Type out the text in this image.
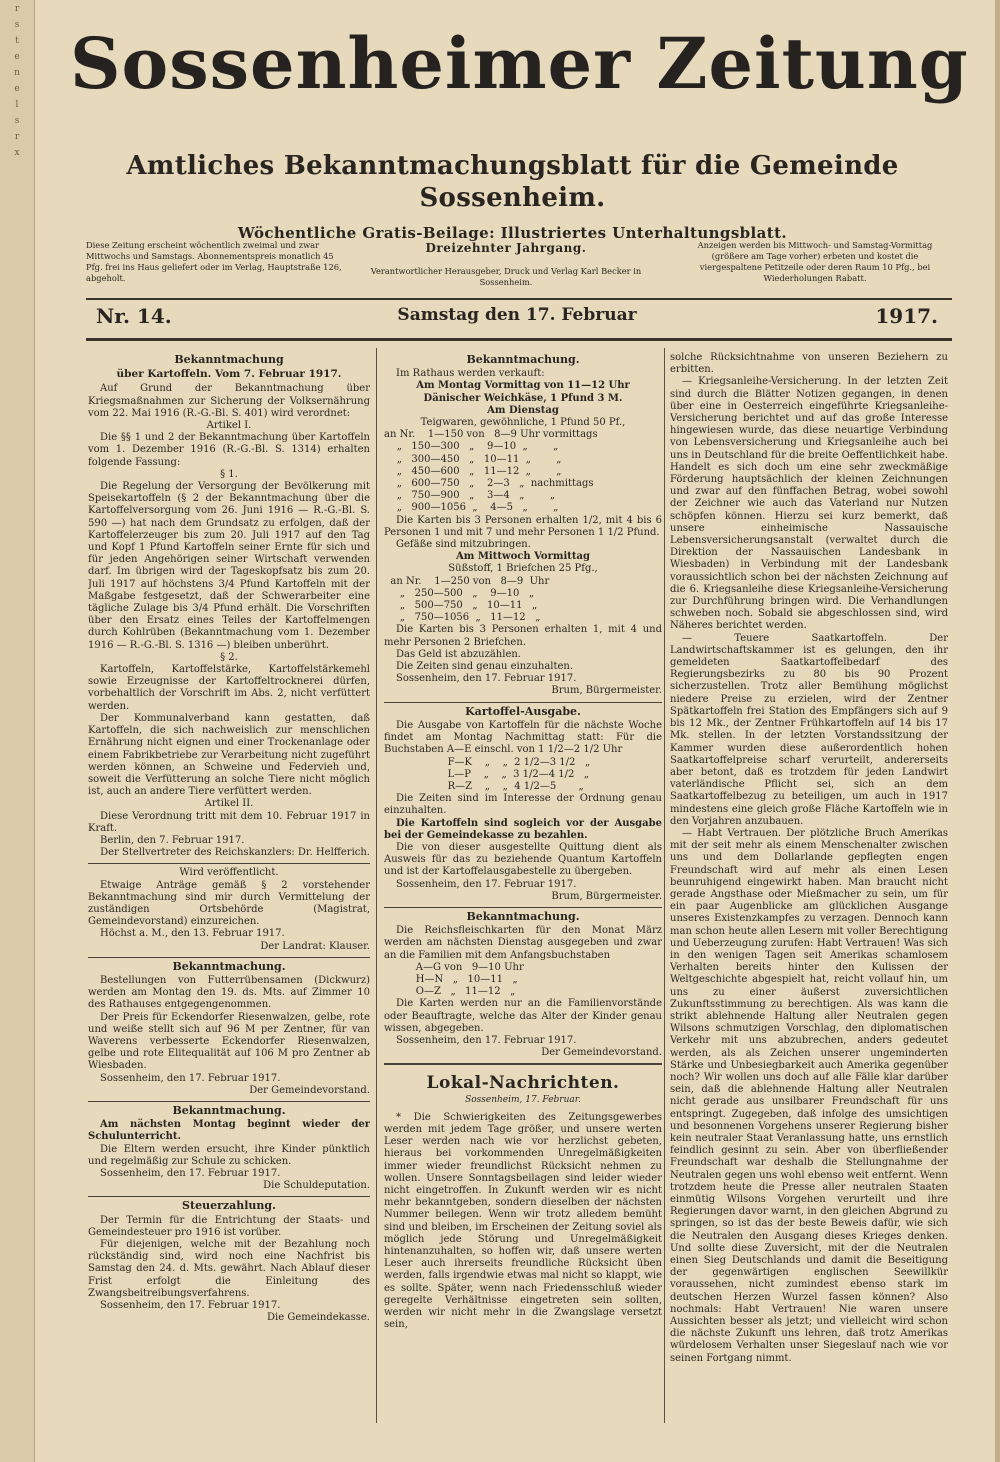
r
s
t
e
n
e
l
s
r
x
Sossenheimer Zeitung
Amtliches Bekanntmachungsblatt für die Gemeinde Sossenheim.
Wöchentliche Gratis-Beilage: Illustriertes Unterhaltungsblatt.
Diese Zeitung erscheint wöchentlich zweimal und zwar Mittwochs und Samstags. Abonnementspreis monatlich 45 Pfg. frei ins Haus geliefert oder im Verlag, Hauptstraße 126, abgeholt.
Dreizehnter Jahrgang.
Verantwortlicher Herausgeber, Druck und Verlag Karl Becker in Sossenheim.
Anzeigen werden bis Mittwoch- und Samstag-Vormittag (größere am Tage vorher) erbeten und kostet die viergespaltene Petitzeile oder deren Raum 10 Pfg., bei Wiederholungen Rabatt.
Nr. 14.	Samstag den 17. Februar	1917.
Bekanntmachung
über Kartoffeln. Vom 7. Februar 1917.

Auf Grund der Bekanntmachung über Kriegsmaßnahmen zur Sicherung der Volksernährung vom 22. Mai 1916 (R.-G.-Bl. S. 401) wird verordnet:

Artikel I.

Die §§ 1 und 2 der Bekanntmachung über Kartoffeln vom 1. Dezember 1916 (R.-G.-Bl. S. 1314) erhalten folgende Fassung:

§ 1.

Die Regelung der Versorgung der Bevölkerung mit Speisekartoffeln (§ 2 der Bekanntmachung über die Kartoffelversorgung vom 26. Juni 1916 — R.-G.-Bl. S. 590 —) hat nach dem Grundsatz zu erfolgen, daß der Kartoffelerzeuger bis zum 20. Juli 1917 auf den Tag und Kopf 1 Pfund Kartoffeln seiner Ernte für sich und für jeden Angehörigen seiner Wirtschaft verwenden darf. Im übrigen wird der Tageskopfsatz bis zum 20. Juli 1917 auf höchstens 3/4 Pfund Kartoffeln mit der Maßgabe festgesetzt, daß der Schwerarbeiter eine tägliche Zulage bis 3/4 Pfund erhält. Die Vorschriften über den Ersatz eines Teiles der Kartoffelmengen durch Kohlrüben (Bekanntmachung vom 1. Dezember 1916 — R.-G.-Bl. S. 1316 —) bleiben unberührt.

§ 2.

Kartoffeln, Kartoffelstärke, Kartoffelstärkemehl sowie Erzeugnisse der Kartoffeltrocknerei dürfen, vorbehaltlich der Vorschrift im Abs. 2, nicht verfüttert werden.

Der Kommunalverband kann gestatten, daß Kartoffeln, die sich nachweislich zur menschlichen Ernährung nicht eignen und einer Trockenanlage oder einem Fabrikbetriebe zur Verarbeitung nicht zugeführt werden können, an Schweine und Federvieh und, soweit die Verfütterung an solche Tiere nicht möglich ist, auch an andere Tiere verfüttert werden.

Artikel II.

Diese Verordnung tritt mit dem 10. Februar 1917 in Kraft.

Berlin, den 7. Februar 1917.

Der Stellvertreter des Reichskanzlers: Dr. Helfferich.

Wird veröffentlicht.

Etwaige Anträge gemäß § 2 vorstehender Bekanntmachung sind mir durch Vermittelung der zuständigen Ortsbehörde (Magistrat, Gemeindevorstand) einzureichen.

Höchst a. M., den 13. Februar 1917.

Der Landrat: Klauser.

Bekanntmachung.

Bestellungen von Futterrübensamen (Dickwurz) werden am Montag den 19. ds. Mts. auf Zimmer 10 des Rathauses entgegengenommen.

Der Preis für Eckendorfer Riesenwalzen, gelbe, rote und weiße stellt sich auf 96 M per Zentner, für van Waverens verbesserte Eckendorfer Riesenwalzen, gelbe und rote Elitequalität auf 106 M pro Zentner ab Wiesbaden.

Sossenheim, den 17. Februar 1917.

Der Gemeindevorstand.

Bekanntmachung.

Am nächsten Montag beginnt wieder der Schulunterricht.

Die Eltern werden ersucht, ihre Kinder pünktlich und regelmäßig zur Schule zu schicken.

Sossenheim, den 17. Februar 1917.

Die Schuldeputation.

Steuerzahlung.

Der Termin für die Entrichtung der Staats- und Gemeindesteuer pro 1916 ist vorüber.

Für diejenigen, welche mit der Bezahlung noch rückständig sind, wird noch eine Nachfrist bis Samstag den 24. d. Mts. gewährt. Nach Ablauf dieser Frist erfolgt die Einleitung des Zwangsbeitreibungsverfahrens.

Sossenheim, den 17. Februar 1917.

Die Gemeindekasse.

Bekanntmachung.

Im Rathaus werden verkauft:

Am Montag Vormittag von 11—12 Uhr

Dänischer Weichkäse, 1 Pfund 3 M.

Am Dienstag

Teigwaren, gewöhnliche, 1 Pfund 50 Pf.,

an Nr.    1—150 von   8—9 Uhr vormittags

„   150—300   „    9—10  „        „

„   300—450   „   10—11  „        „

„   450—600   „   11—12  „        „

„   600—750   „    2—3   „  nachmittags

„   750—900   „    3—4   „        „

„   900—1056  „    4—5   „        „

Die Karten bis 3 Personen erhalten 1/2, mit 4 bis 6 Personen 1 und mit 7 und mehr Personen 1 1/2 Pfund.

Gefäße sind mitzubringen.

Am Mittwoch Vormittag

Süßstoff, 1 Briefchen 25 Pfg.,

an Nr.    1—250 von   8—9  Uhr

„   250—500   „    9—10   „

„   500—750   „   10—11   „

„   750—1056  „   11—12   „

Die Karten bis 3 Personen erhalten 1, mit 4 und mehr Personen 2 Briefchen.

Das Geld ist abzuzählen.

Die Zeiten sind genau einzuhalten.

Sossenheim, den 17. Februar 1917.

Brum, Bürgermeister.

Kartoffel-Ausgabe.

Die Ausgabe von Kartoffeln für die nächste Woche findet am Montag Nachmittag statt: Für die Buchstaben A—E einschl. von 1 1/2—2 1/2 Uhr

F—K    „    „  2 1/2—3 1/2   „

L—P    „    „  3 1/2—4 1/2   „

R—Z    „    „  4 1/2—5       „

Die Zeiten sind im Interesse der Ordnung genau einzuhalten.

Die Kartoffeln sind sogleich vor der Ausgabe bei der Gemeindekasse zu bezahlen.

Die von dieser ausgestellte Quittung dient als Ausweis für das zu beziehende Quantum Kartoffeln und ist der Kartoffelausgabestelle zu übergeben.

Sossenheim, den 17. Februar 1917.

Brum, Bürgermeister.

Bekanntmachung.

Die Reichsfleischkarten für den Monat März werden am nächsten Dienstag ausgegeben und zwar an die Familien mit dem Anfangsbuchstaben

A—G von   9—10 Uhr

H—N   „   10—11   „

O—Z   „   11—12   „

Die Karten werden nur an die Familienvorstände oder Beauftragte, welche das Alter der Kinder genau wissen, abgegeben.

Sossenheim, den 17. Februar 1917.

Der Gemeindevorstand.

Lokal-Nachrichten.

Sossenheim, 17. Februar.

* Die Schwierigkeiten des Zeitungsgewerbes werden mit jedem Tage größer, und unsere werten Leser werden nach wie vor herzlichst gebeten, hieraus bei vorkommenden Unregelmäßigkeiten immer wieder freundlichst Rücksicht nehmen zu wollen. Unsere Sonntagsbeilagen sind leider wieder nicht eingetroffen. In Zukunft werden wir es nicht mehr bekanntgeben, sondern dieselben der nächsten Nummer beilegen. Wenn wir trotz alledem bemüht sind und bleiben, im Erscheinen der Zeitung soviel als möglich jede Störung und Unregelmäßigkeit hintenanzuhalten, so hoffen wir, daß unsere werten Leser auch ihrerseits freundliche Rücksicht üben werden, falls irgendwie etwas mal nicht so klappt, wie es sollte. Später, wenn nach Friedensschluß wieder geregelte Verhältnisse eingetreten sein sollten, werden wir nicht mehr in die Zwangslage versetzt sein,

solche Rücksichtnahme von unseren Beziehern zu erbitten.

— Kriegsanleihe-Versicherung. In der letzten Zeit sind durch die Blätter Notizen gegangen, in denen über eine in Oesterreich eingeführte Kriegsanleihe-Versicherung berichtet und auf das große Interesse hingewiesen wurde, das diese neuartige Verbindung von Lebensversicherung und Kriegsanleihe auch bei uns in Deutschland für die breite Oeffentlichkeit habe. Handelt es sich doch um eine sehr zweckmäßige Förderung hauptsächlich der kleinen Zeichnungen und zwar auf den fünffachen Betrag, wobei sowohl der Zeichner wie auch das Vaterland nur Nutzen schöpfen können. Hierzu sei kurz bemerkt, daß unsere einheimische Nassauische Lebensversicherungsanstalt (verwaltet durch die Direktion der Nassauischen Landesbank in Wiesbaden) in Verbindung mit der Landesbank voraussichtlich schon bei der nächsten Zeichnung auf die 6. Kriegsanleihe diese Kriegsanleihe-Versicherung zur Durchführung bringen wird. Die Verhandlungen schweben noch. Sobald sie abgeschlossen sind, wird Näheres berichtet werden.

— Teuere Saatkartoffeln. Der Landwirtschaftskammer ist es gelungen, den ihr gemeldeten Saatkartoffelbedarf des Regierungsbezirks zu 80 bis 90 Prozent sicherzustellen. Trotz aller Bemühung möglichst niedere Preise zu erzielen, wird der Zentner Spätkartoffeln frei Station des Empfängers sich auf 9 bis 12 Mk., der Zentner Frühkartoffeln auf 14 bis 17 Mk. stellen. In der letzten Vorstandssitzung der Kammer wurden diese außerordentlich hohen Saatkartoffelpreise scharf verurteilt, andererseits aber betont, daß es trotzdem für jeden Landwirt vaterländische Pflicht sei, sich an dem Saatkartoffelbezug zu beteiligen, um auch in 1917 mindestens eine gleich große Fläche Kartoffeln wie in den Vorjahren anzubauen.

— Habt Vertrauen. Der plötzliche Bruch Amerikas mit der seit mehr als einem Menschenalter zwischen uns und dem Dollarlande gepflegten engen Freundschaft wird auf mehr als einen Lesen beunruhigend eingewirkt haben. Man braucht nicht gerade Angsthase oder Mießmacher zu sein, um für ein paar Augenblicke am glücklichen Ausgange unseres Existenzkampfes zu verzagen. Dennoch kann man schon heute allen Lesern mit voller Berechtigung und Ueberzeugung zurufen: Habt Vertrauen! Was sich in den wenigen Tagen seit Amerikas schamlosem Verhalten bereits hinter den Kulissen der Weltgeschichte abgespielt hat, reicht vollauf hin, um uns zu einer äußerst zuversichtlichen Zukunftsstimmung zu berechtigen. Als was kann die strikt ablehnende Haltung aller Neutralen gegen Wilsons schmutzigen Vorschlag, den diplomatischen Verkehr mit uns abzubrechen, anders gedeutet werden, als als Zeichen unserer ungeminderten Stärke und Unbesiegbarkeit auch Amerika gegenüber noch? Wir wollen uns doch auf alle Fälle klar darüber sein, daß die ablehnende Haltung aller Neutralen nicht gerade aus unsilbarer Freundschaft für uns entspringt. Zugegeben, daß infolge des umsichtigen und besonnenen Vorgehens unserer Regierung bisher kein neutraler Staat Veranlassung hatte, uns ernstlich feindlich gesinnt zu sein. Aber von überfließender Freundschaft war deshalb die Stellungnahme der Neutralen gegen uns wohl ebenso weit entfernt. Wenn trotzdem heute die Presse aller neutralen Staaten einmütig Wilsons Vorgehen verurteilt und ihre Regierungen davor warnt, in den gleichen Abgrund zu springen, so ist das der beste Beweis dafür, wie sich die Neutralen den Ausgang dieses Krieges denken. Und sollte diese Zuversicht, mit der die Neutralen einen Sieg Deutschlands und damit die Beseitigung der gegenwärtigen englischen Seewillkür voraussehen, nicht zumindest ebenso stark im deutschen Herzen Wurzel fassen können? Also nochmals: Habt Vertrauen! Nie waren unsere Aussichten besser als jetzt; und vielleicht wird schon die nächste Zukunft uns lehren, daß trotz Amerikas würdelosem Verhalten unser Siegeslauf nach wie vor seinen Fortgang nimmt.
